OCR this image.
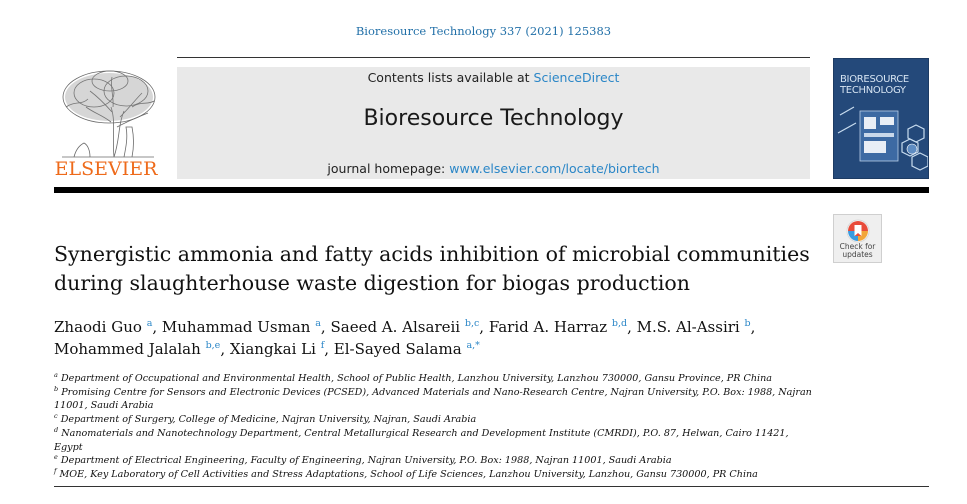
Bioresource Technology 337 (2021) 125383
ELSEVIER
Contents lists available at ScienceDirect
Bioresource Technology
journal homepage: www.elsevier.com/locate/biortech
BIORESOURCE TECHNOLOGY
Check for updates
Synergistic ammonia and fatty acids inhibition of microbial communities during slaughterhouse waste digestion for biogas production
Zhaodi Guo $^a$, Muhammad Usman $^a$, Saeed A. Alsareii $^{b,c}$, Farid A. Harraz $^{b,d}$, M.S. Al-Assiri $^b$, Mohammed Jalalah $^{b,e}$, Xiangkai Li $^f$, El-Sayed Salama $^{a,*}$
$^a$ Department of Occupational and Environmental Health, School of Public Health, Lanzhou University, Lanzhou 730000, Gansu Province, PR China
$^b$ Promising Centre for Sensors and Electronic Devices (PCSED), Advanced Materials and Nano-Research Centre, Najran University, P.O. Box: 1988, Najran 11001, Saudi Arabia
$^c$ Department of Surgery, College of Medicine, Najran University, Najran, Saudi Arabia
$^d$ Nanomaterials and Nanotechnology Department, Central Metallurgical Research and Development Institute (CMRDI), P.O. 87, Helwan, Cairo 11421, Egypt
$^e$ Department of Electrical Engineering, Faculty of Engineering, Najran University, P.O. Box: 1988, Najran 11001, Saudi Arabia
$^f$ MOE, Key Laboratory of Cell Activities and Stress Adaptations, School of Life Sciences, Lanzhou University, Lanzhou, Gansu 730000, PR China
